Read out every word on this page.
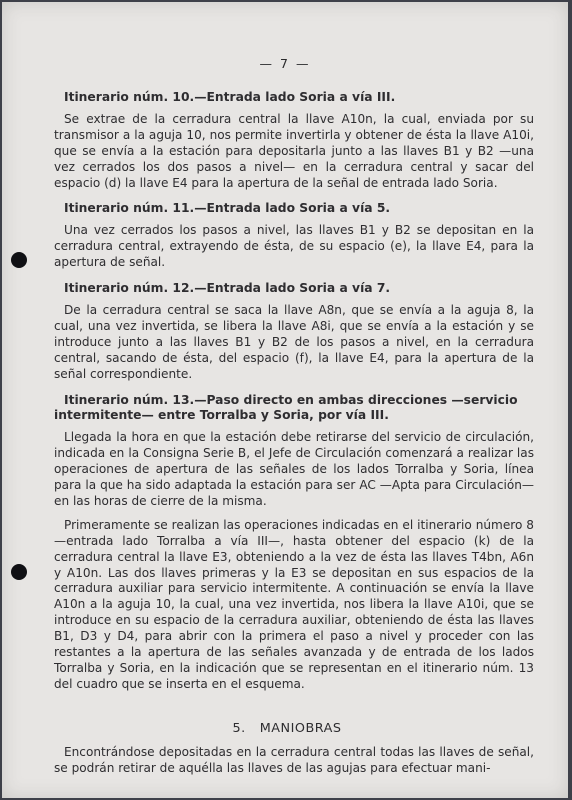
— 7 —

Itinerario núm. 10.—Entrada lado Soria a vía III.

Se extrae de la cerradura central la llave A10n, la cual, enviada por su transmisor a la aguja 10, nos permite invertirla y obtener de ésta la llave A10i, que se envía a la estación para depositarla junto a las llaves B1 y B2 —una vez cerrados los dos pasos a nivel— en la cerradura central y sacar del espacio (d) la llave E4 para la apertura de la señal de entrada lado Soria.

Itinerario núm. 11.—Entrada lado Soria a vía 5.

Una vez cerrados los pasos a nivel, las llaves B1 y B2 se depositan en la cerradura central, extrayendo de ésta, de su espacio (e), la llave E4, para la apertura de señal.

Itinerario núm. 12.—Entrada lado Soria a vía 7.

De la cerradura central se saca la llave A8n, que se envía a la aguja 8, la cual, una vez invertida, se libera la llave A8i, que se envía a la estación y se introduce junto a las llaves B1 y B2 de los pasos a nivel, en la cerradura central, sacando de ésta, del espacio (f), la llave E4, para la apertura de la señal correspondiente.

Itinerario núm. 13.—Paso directo en ambas direcciones —servicio intermitente— entre Torralba y Soria, por vía III.

Llegada la hora en que la estación debe retirarse del servicio de circulación, indicada en la Consigna Serie B, el Jefe de Circulación comenzará a realizar las operaciones de apertura de las señales de los lados Torralba y Soria, línea para la que ha sido adaptada la estación para ser AC —Apta para Circulación— en las horas de cierre de la misma.

Primeramente se realizan las operaciones indicadas en el itinerario número 8 —entrada lado Torralba a vía III—, hasta obtener del espacio (k) de la cerradura central la llave E3, obteniendo a la vez de ésta las llaves T4bn, A6n y A10n. Las dos llaves primeras y la E3 se depositan en sus espacios de la cerradura auxiliar para servicio intermitente. A continuación se envía la llave A10n a la aguja 10, la cual, una vez invertida, nos libera la llave A10i, que se introduce en su espacio de la cerradura auxiliar, obteniendo de ésta las llaves B1, D3 y D4, para abrir con la primera el paso a nivel y proceder con las restantes a la apertura de las señales avanzada y de entrada de los lados Torralba y Soria, en la indicación que se representan en el itinerario núm. 13 del cuadro que se inserta en el esquema.

5. MANIOBRAS

Encontrándose depositadas en la cerradura central todas las llaves de señal, se podrán retirar de aquélla las llaves de las agujas para efectuar mani-
